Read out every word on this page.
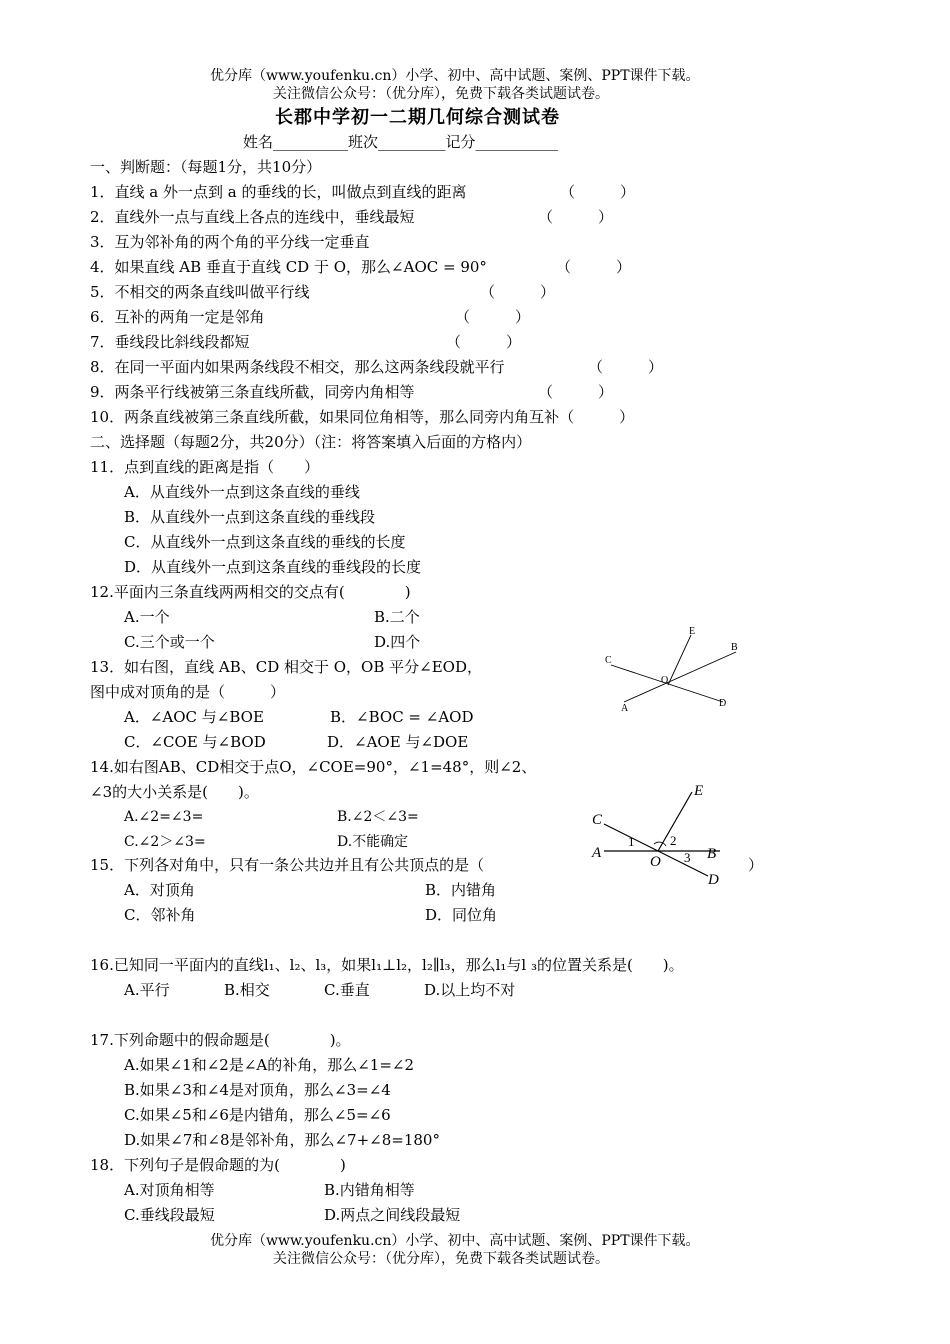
优分库（www.youfenku.cn）小学、初中、高中试题、案例、PPT课件下载。
关注微信公众号：（优分库），免费下载各类试题试卷。
长郡中学初一二期几何综合测试卷
姓名__________班次_________记分___________
一、判断题：（每题1分，共10分）
1．直线 a 外一点到 a 的垂线的长，叫做点到直线的距离	（　　　）
2．直线外一点与直线上各点的连线中，垂线最短	（　　　）
3．互为邻补角的两个角的平分线一定垂直
4．如果直线 AB 垂直于直线 CD 于 O，那么∠AOC = 90°	（　　　）
5．不相交的两条直线叫做平行线	（　　　）
6．互补的两角一定是邻角	（　　　）
7．垂线段比斜线段都短	（　　　）
8．在同一平面内如果两条线段不相交，那么这两条线段就平行	（　　　）
9．两条平行线被第三条直线所截，同旁内角相等	（　　　）
10．两条直线被第三条直线所截，如果同位角相等，那么同旁内角互补（　　　）
二、选择题（每题2分，共20分）（注：将答案填入后面的方格内）
11．点到直线的距离是指（　　）
A．从直线外一点到这条直线的垂线
B．从直线外一点到这条直线的垂线段
C．从直线外一点到这条直线的垂线的长度
D．从直线外一点到这条直线的垂线段的长度
12.平面内三条直线两两相交的交点有(　　　　)
A.一个	B.二个
C.三个或一个	D.四个
13．如右图，直线 AB、CD 相交于 O，OB 平分∠EOD，
图中成对顶角的是（　　　）
A．∠AOC 与∠BOE	B．∠BOC = ∠AOD
C．∠COE 与∠BOD	D．∠AOE 与∠DOE
E
B
C
O
A	D
14.如右图AB、CD相交于点O，∠COE=90°，∠1=48°，则∠2、
∠3的大小关系是(　　)。
A.∠2=∠3=	B.∠2＜∠3=
C.∠2＞∠3=	D.不能确定
E
C
A
1	2
O	B
3
D
15．下列各对角中，只有一条公共边并且有公共顶点的是（	）
A．对顶角	B．内错角
C．邻补角	D．同位角
16.已知同一平面内的直线l₁、l₂、l₃，如果l₁⊥l₂，l₂∥l₃，那么l₁与l ₃的位置关系是(　　)。
A.平行	B.相交	C.垂直	D.以上均不对
17.下列命题中的假命题是(　　　　)。
A.如果∠1和∠2是∠A的补角，那么∠1=∠2
B.如果∠3和∠4是对顶角，那么∠3=∠4
C.如果∠5和∠6是内错角，那么∠5=∠6
D.如果∠7和∠8是邻补角，那么∠7+∠8=180°
18．下列句子是假命题的为(　　　　)
A.对顶角相等	B.内错角相等
C.垂线段最短	D.两点之间线段最短
优分库（www.youfenku.cn）小学、初中、高中试题、案例、PPT课件下载。
关注微信公众号：（优分库），免费下载各类试题试卷。
